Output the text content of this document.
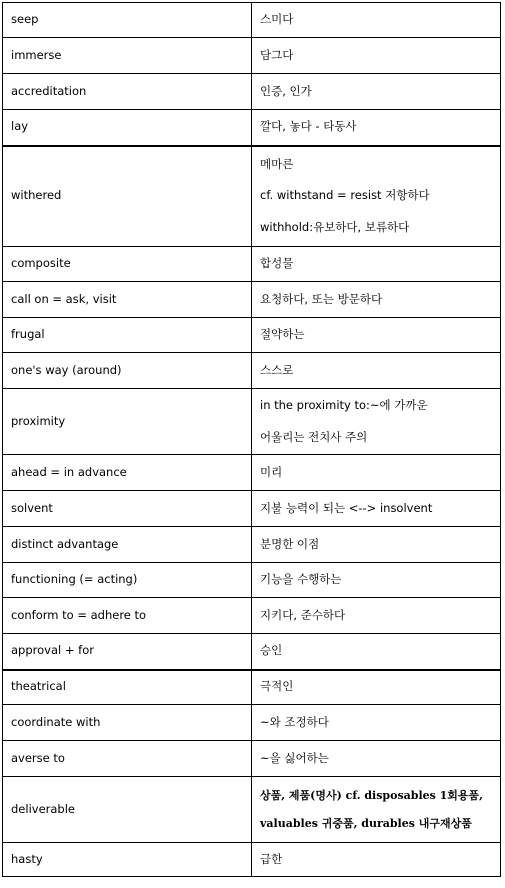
seep	스미다
immerse	담그다
accreditation	인증, 인가
lay	깔다, 놓다 - 타동사
withered	메마른
cf. withstand = resist 저항하다
withhold:유보하다, 보류하다

composite	합성물
call on = ask, visit	요청하다, 또는 방문하다
frugal	절약하는
one's way (around)	스스로
proximity	in the proximity to:~에 가까운
어울리는 전치사 주의

ahead = in advance	미리
solvent	지불 능력이 되는 <--> insolvent
distinct advantage	분명한 이점
functioning (= acting)	기능을 수행하는
conform to = adhere to	지키다, 준수하다
approval + for	승인
theatrical	극적인
coordinate with	~와 조정하다
averse to	~을 싫어하는
deliverable	상품, 제품(명사) cf. disposables 1회용품,
valuables 귀중품, durables 내구재상품

hasty	급한
